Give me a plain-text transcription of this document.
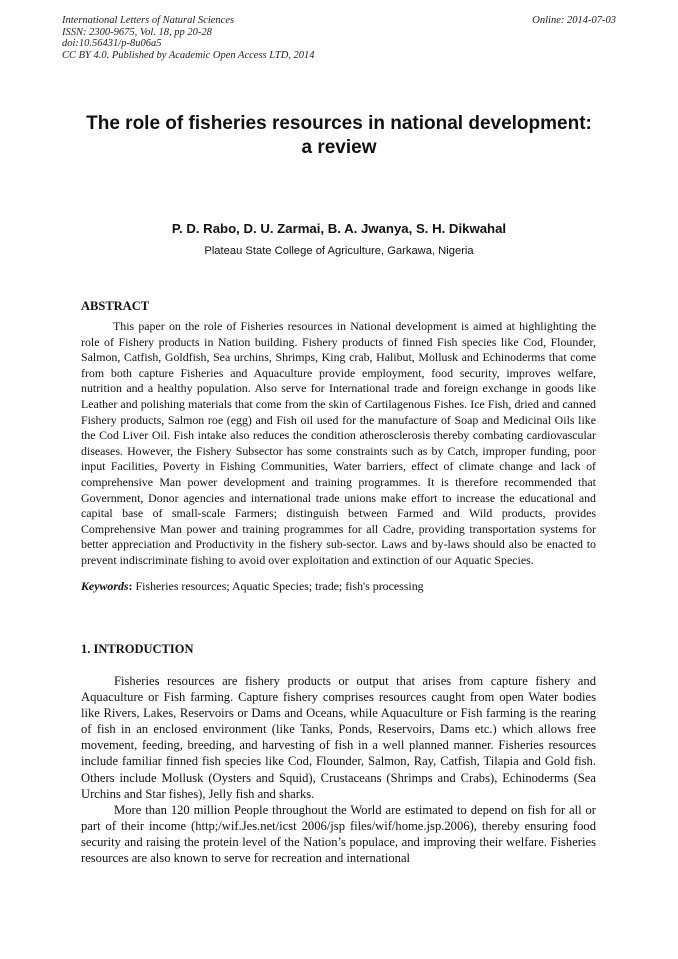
International Letters of Natural Sciences
ISSN: 2300-9675, Vol. 18, pp 20-28
doi:10.56431/p-8u06a5
CC BY 4.0. Published by Academic Open Access LTD, 2014
Online: 2014-07-03
The role of fisheries resources in national development: a review
P. D. Rabo, D. U. Zarmai, B. A. Jwanya, S. H. Dikwahal
Plateau State College of Agriculture, Garkawa, Nigeria
ABSTRACT

This paper on the role of Fisheries resources in National development is aimed at highlighting the role of Fishery products in Nation building. Fishery products of finned Fish species like Cod, Flounder, Salmon, Catfish, Goldfish, Sea urchins, Shrimps, King crab, Halibut, Mollusk and Echinoderms that come from both capture Fisheries and Aquaculture provide employment, food security, improves welfare, nutrition and a healthy population. Also serve for International trade and foreign exchange in goods like Leather and polishing materials that come from the skin of Cartilagenous Fishes. Ice Fish, dried and canned Fishery products, Salmon roe (egg) and Fish oil used for the manufacture of Soap and Medicinal Oils like the Cod Liver Oil. Fish intake also reduces the condition atherosclerosis thereby combating cardiovascular diseases. However, the Fishery Subsector has some constraints such as by Catch, improper funding, poor input Facilities, Poverty in Fishing Communities, Water barriers, effect of climate change and lack of comprehensive Man power development and training programmes. It is therefore recommended that Government, Donor agencies and international trade unions make effort to increase the educational and capital base of small-scale Farmers; distinguish between Farmed and Wild products, provides Comprehensive Man power and training programmes for all Cadre, providing transportation systems for better appreciation and Productivity in the fishery sub-sector. Laws and by-laws should also be enacted to prevent indiscriminate fishing to avoid over exploitation and extinction of our Aquatic Species.

Keywords: Fisheries resources; Aquatic Species; trade; fish's processing
1. INTRODUCTION

Fisheries resources are fishery products or output that arises from capture fishery and Aquaculture or Fish farming. Capture fishery comprises resources caught from open Water bodies like Rivers, Lakes, Reservoirs or Dams and Oceans, while Aquaculture or Fish farming is the rearing of fish in an enclosed environment (like Tanks, Ponds, Reservoirs, Dams etc.) which allows free movement, feeding, breeding, and harvesting of fish in a well planned manner. Fisheries resources include familiar finned fish species like Cod, Flounder, Salmon, Ray, Catfish, Tilapia and Gold fish. Others include Mollusk (Oysters and Squid), Crustaceans (Shrimps and Crabs), Echinoderms (Sea Urchins and Star fishes), Jelly fish and sharks.

More than 120 million People throughout the World are estimated to depend on fish for all or part of their income (http;/wif.Jes.net/icst 2006/jsp files/wif/home.jsp.2006), thereby ensuring food security and raising the protein level of the Nation’s populace, and improving their welfare. Fisheries resources are also known to serve for recreation and international
